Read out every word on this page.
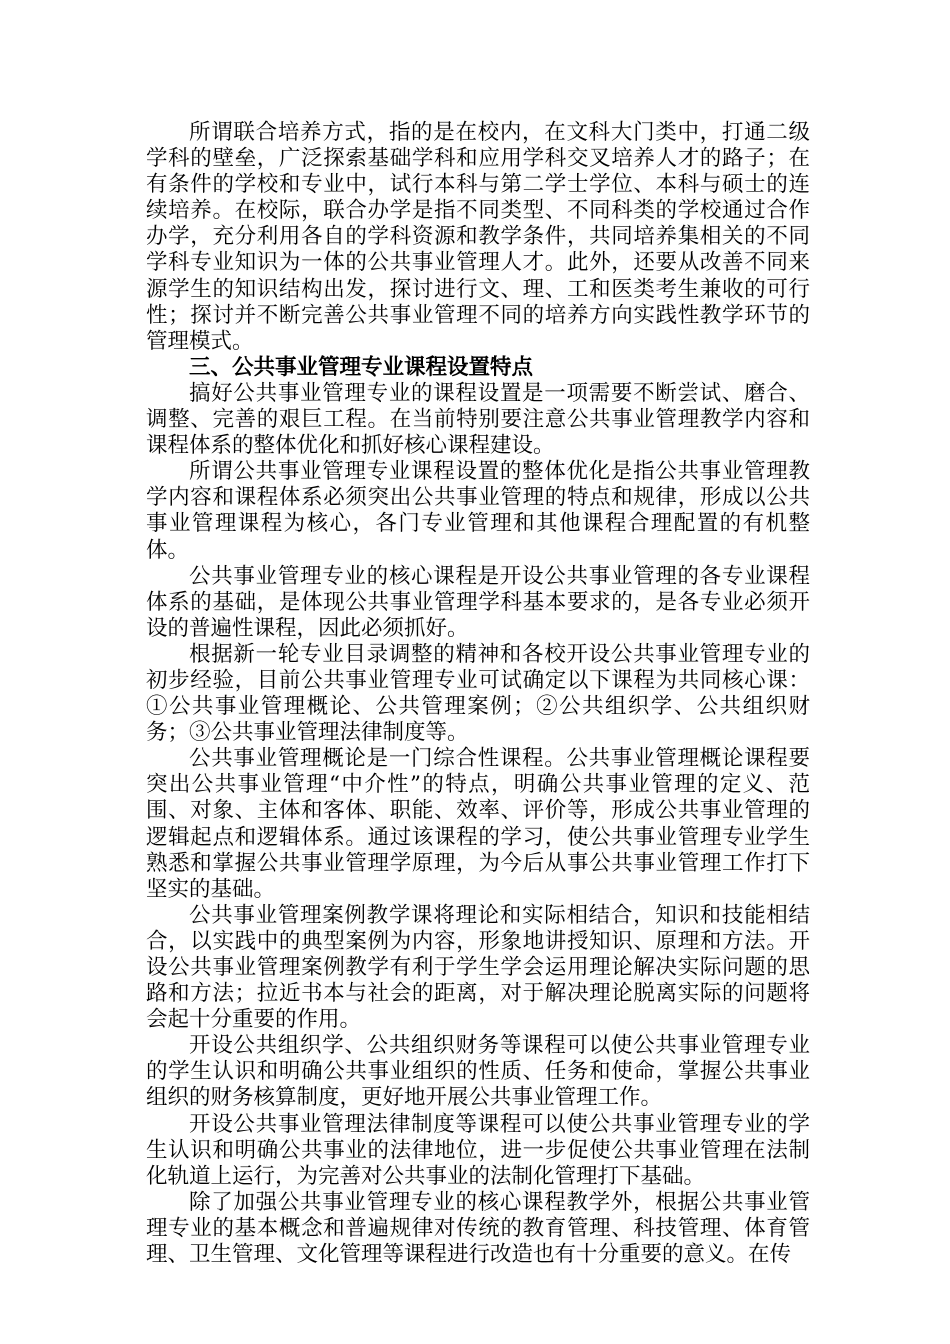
所谓联合培养方式，指的是在校内，在文科大门类中，打通二级学科的壁垒，广泛探索基础学科和应用学科交叉培养人才的路子；在有条件的学校和专业中，试行本科与第二学士学位、本科与硕士的连续培养。在校际，联合办学是指不同类型、不同科类的学校通过合作办学，充分利用各自的学科资源和教学条件，共同培养集相关的不同学科专业知识为一体的公共事业管理人才。此外，还要从改善不同来源学生的知识结构出发，探讨进行文、理、工和医类考生兼收的可行性；探讨并不断完善公共事业管理不同的培养方向实践性教学环节的管理模式。

三、公共事业管理专业课程设置特点

搞好公共事业管理专业的课程设置是一项需要不断尝试、磨合、调整、完善的艰巨工程。在当前特别要注意公共事业管理教学内容和课程体系的整体优化和抓好核心课程建设。

所谓公共事业管理专业课程设置的整体优化是指公共事业管理教学内容和课程体系必须突出公共事业管理的特点和规律，形成以公共事业管理课程为核心，各门专业管理和其他课程合理配置的有机整体。

公共事业管理专业的核心课程是开设公共事业管理的各专业课程体系的基础，是体现公共事业管理学科基本要求的，是各专业必须开设的普遍性课程，因此必须抓好。

根据新一轮专业目录调整的精神和各校开设公共事业管理专业的初步经验，目前公共事业管理专业可试确定以下课程为共同核心课：①公共事业管理概论、公共管理案例；②公共组织学、公共组织财务；③公共事业管理法律制度等。

公共事业管理概论是一门综合性课程。公共事业管理概论课程要突出公共事业管理“中介性”的特点，明确公共事业管理的定义、范围、对象、主体和客体、职能、效率、评价等，形成公共事业管理的逻辑起点和逻辑体系。通过该课程的学习，使公共事业管理专业学生熟悉和掌握公共事业管理学原理，为今后从事公共事业管理工作打下坚实的基础。

公共事业管理案例教学课将理论和实际相结合，知识和技能相结合，以实践中的典型案例为内容，形象地讲授知识、原理和方法。开设公共事业管理案例教学有利于学生学会运用理论解决实际问题的思路和方法；拉近书本与社会的距离，对于解决理论脱离实际的问题将会起十分重要的作用。

开设公共组织学、公共组织财务等课程可以使公共事业管理专业的学生认识和明确公共事业组织的性质、任务和使命，掌握公共事业组织的财务核算制度，更好地开展公共事业管理工作。

开设公共事业管理法律制度等课程可以使公共事业管理专业的学生认识和明确公共事业的法律地位，进一步促使公共事业管理在法制化轨道上运行，为完善对公共事业的法制化管理打下基础。

除了加强公共事业管理专业的核心课程教学外，根据公共事业管理专业的基本概念和普遍规律对传统的教育管理、科技管理、体育管理、卫生管理、文化管理等课程进行改造也有十分重要的意义。在传
